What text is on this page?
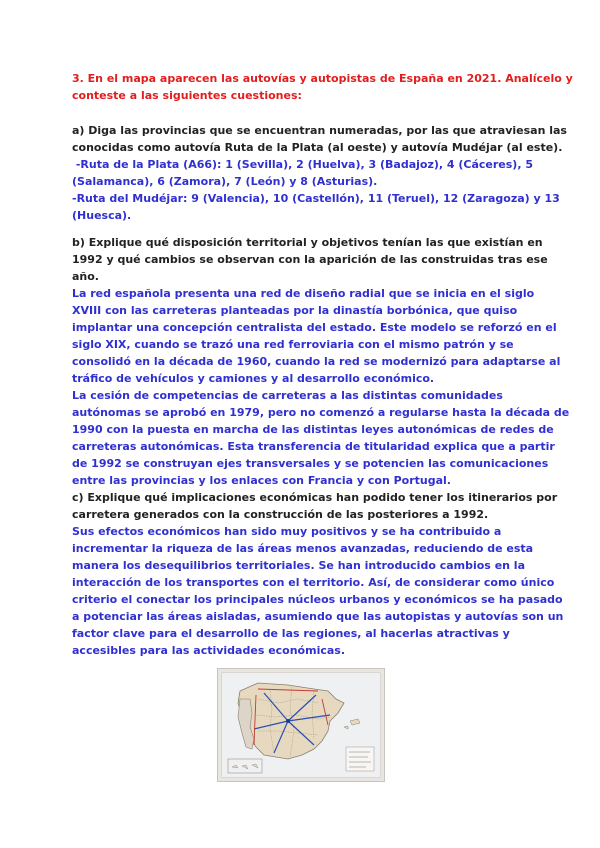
3. En el mapa aparecen las autovías y autopistas de España en 2021. Analícelo y
conteste a las siguientes cuestiones:
a) Diga las provincias que se encuentran numeradas, por las que atraviesan las
conocidas como autovía Ruta de la Plata (al oeste) y autovía Mudéjar (al este).
-Ruta de la Plata (A66): 1 (Sevilla), 2 (Huelva), 3 (Badajoz), 4 (Cáceres), 5
(Salamanca), 6 (Zamora), 7 (León) y 8 (Asturias).
-Ruta del Mudéjar: 9 (Valencia), 10 (Castellón), 11 (Teruel), 12 (Zaragoza) y 13
(Huesca).
b) Explique qué disposición territorial y objetivos tenían las que existían en
1992 y qué cambios se observan con la aparición de las construidas tras ese
año.
La red española presenta una red de diseño radial que se inicia en el siglo
XVIII con las carreteras planteadas por la dinastía borbónica, que quiso
implantar una concepción centralista del estado. Este modelo se reforzó en el
siglo XIX, cuando se trazó una red ferroviaria con el mismo patrón y se
consolidó en la década de 1960, cuando la red se modernizó para adaptarse al
tráfico de vehículos y camiones y al desarrollo económico.
La cesión de competencias de carreteras a las distintas comunidades
autónomas se aprobó en 1979, pero no comenzó a regularse hasta la década de
1990 con la puesta en marcha de las distintas leyes autonómicas de redes de
carreteras autonómicas. Esta transferencia de titularidad explica que a partir
de 1992 se construyan ejes transversales y se potencien las comunicaciones
entre las provincias y los enlaces con Francia y con Portugal.
c) Explique qué implicaciones económicas han podido tener los itinerarios por
carretera generados con la construcción de las posteriores a 1992.
Sus efectos económicos han sido muy positivos y se ha contribuido a
incrementar la riqueza de las áreas menos avanzadas, reduciendo de esta
manera los desequilibrios territoriales. Se han introducido cambios en la
interacción de los transportes con el territorio. Así, de considerar como único
criterio el conectar los principales núcleos urbanos y económicos se ha pasado
a potenciar las áreas aisladas, asumiendo que las autopistas y autovías son un
factor clave para el desarrollo de las regiones, al hacerlas atractivas y
accesibles para las actividades económicas.
